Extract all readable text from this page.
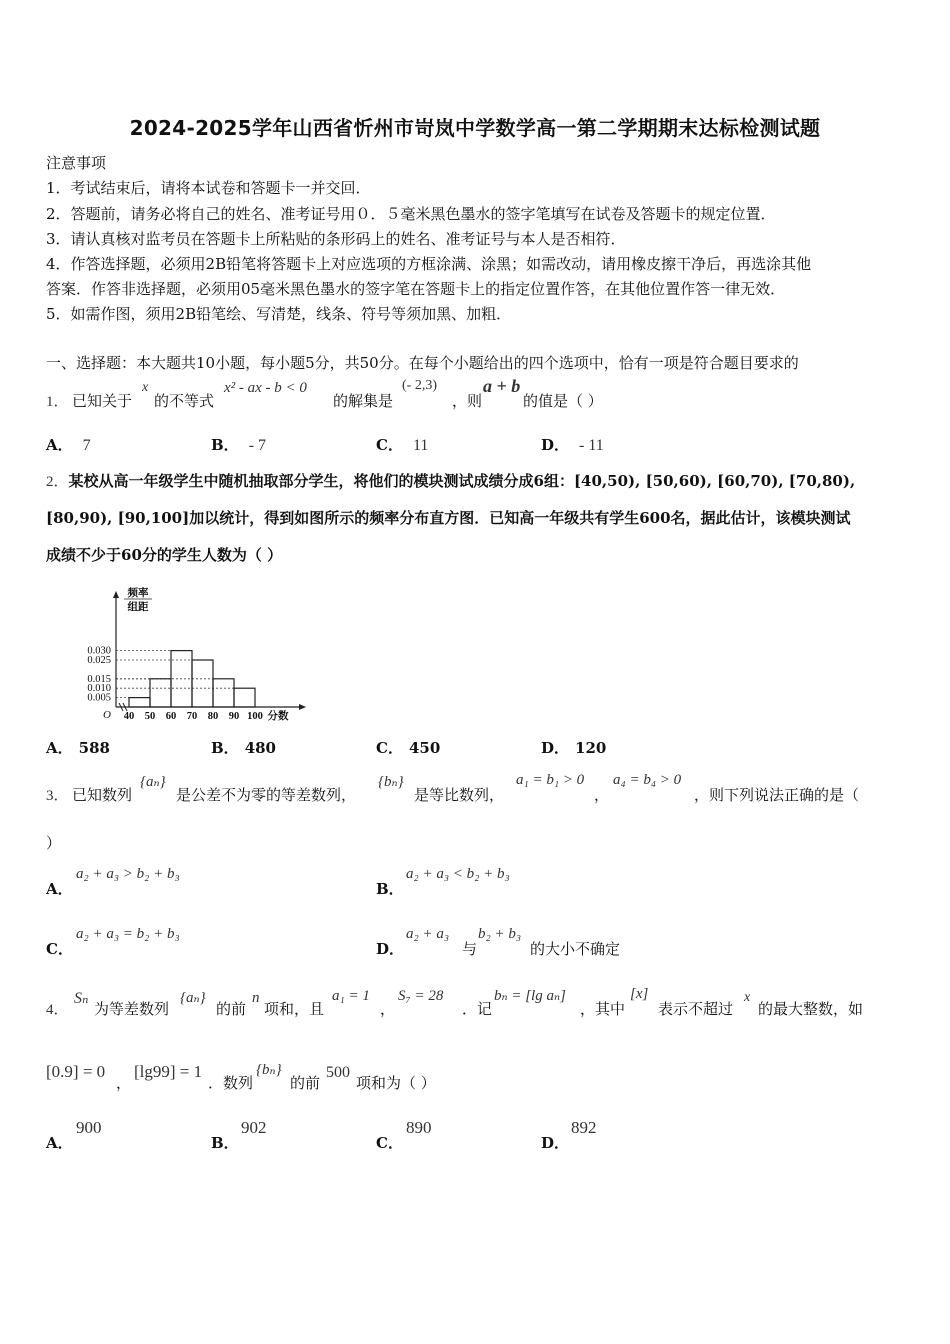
2024-2025学年山西省忻州市岢岚中学数学高一第二学期期末达标检测试题
注意事项
1．考试结束后，请将本试卷和答题卡一并交回．
2．答题前，请务必将自己的姓名、准考证号用０．５毫米黑色墨水的签字笔填写在试卷及答题卡的规定位置．
3．请认真核对监考员在答题卡上所粘贴的条形码上的姓名、准考证号与本人是否相符．
4．作答选择题，必须用2B铅笔将答题卡上对应选项的方框涂满、涂黑；如需改动，请用橡皮擦干净后，再选涂其他
答案．作答非选择题，必须用05毫米黑色墨水的签字笔在答题卡上的指定位置作答，在其他位置作答一律无效．
5．如需作图，须用2B铅笔绘、写清楚，线条、符号等须加黑、加粗．
一、选择题：本大题共10小题，每小题5分，共50分。在每个小题给出的四个选项中，恰有一项是符合题目要求的
1． 已知关于
x
的不等式
x² - ax - b < 0
的解集是
(- 2,3)
，则
a + b
的值是（ ）
A． 7	B． - 7	C． 11	D． - 11
2．某校从高一年级学生中随机抽取部分学生，将他们的模块测试成绩分成6组：[40,50), [50,60), [60,70), [70,80),
[80,90), [90,100]加以统计，得到如图所示的频率分布直方图．已知高一年级共有学生600名，据此估计，该模块测试
成绩不少于60分的学生人数为（ ）
0.030
0.025
0.015
0.010
0.005
40 50 60 70 80 90 100 分数
O
频率
组距
A． 588	B． 480	C． 450	D． 120
3． 已知数列
{aₙ}
是公差不为零的等差数列，
{bₙ}
是等比数列，
a₁ = b₁ > 0
，
a₄ = b₄ > 0
，则下列说法正确的是（
）
A．
a₂ + a₃ > b₂ + b₃
B．
a₂ + a₃ < b₂ + b₃
C．
a₂ + a₃ = b₂ + b₃
D．
a₂ + a₃
与
b₂ + b₃
的大小不确定
4．
Sₙ
为等差数列
{aₙ}
的前
n
项和，且
a₁ = 1
，
S₇ = 28
．记
bₙ = [lg aₙ]
，其中
[x]
表示不超过
x
的最大整数，如
[0.9] = 0
，
[lg99] = 1
．数列
{bₙ}
的前
500
项和为（ ）
A．
900
B．
902
C．
890
D．
892
